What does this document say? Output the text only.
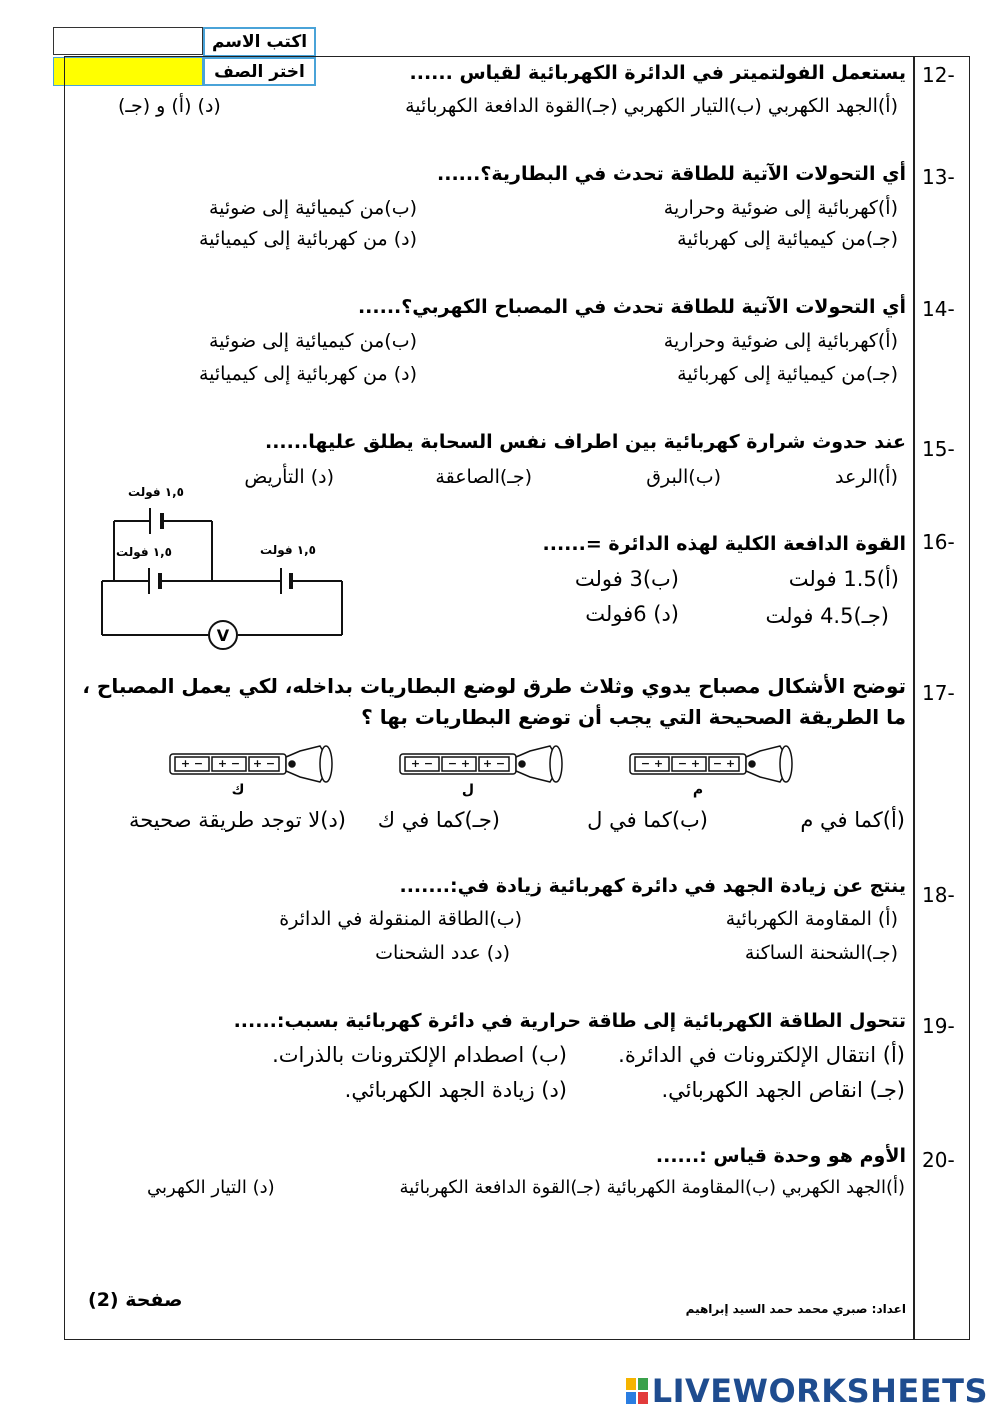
اكتب الاسم
اختر الصف	12-
يستعمل الفولتميتر في الدائرة الكهربائية لقياس ......
(أ)الجهد الكهربي (ب)التيار الكهربي (جـ)القوة الدافعة الكهربائية
(د) (أ) و (جـ)
13-
أي التحولات الآتية للطاقة تحدث في البطارية؟......
(أ)كهربائية إلى ضوئية وحرارية
(ب)من كيميائية إلى ضوئية
(جـ)من كيميائية إلى كهربائية
(د) من كهربائية إلى كيميائية
14-
أي التحولات الآتية للطاقة تحدث في المصباح الكهربي؟......
(أ)كهربائية إلى ضوئية وحرارية
(ب)من كيميائية إلى ضوئية
(جـ)من كيميائية إلى كهربائية
(د) من كهربائية إلى كيميائية
15-
عند حدوث شرارة كهربائية بين اطراف نفس السحابة يطلق عليها......
(أ)الرعد
(ب)البرق
(جـ)الصاعقة
(د) التأريض
16-
القوة الدافعة الكلية لهذه الدائرة =......
(أ)1.5 فولت
(ب)3 فولت
(جـ)4.5 فولت
(د) 6فولت
V
١,٥ فولت
١,٥ فولت	١,٥ فولت
17-
توضح الأشكال مصباح يدوي وثلاث طرق لوضع البطاريات بداخله، لكي يعمل المصباح ،
ما الطريقة الصحيحة التي يجب أن توضع البطاريات بها ؟
+ − + − + −	+ − − + + −	− + − + − +
ك	ل	م
(أ)كما في م
(ب)كما في ل
(جـ)كما في ك
(د)لا توجد طريقة صحيحة
18-
ينتج عن زيادة الجهد في دائرة كهربائية زيادة في:.......
(أ) المقاومة الكهربائية
(ب)الطاقة المنقولة في الدائرة
(جـ)الشحنة الساكنة
(د) عدد الشحنات
19-
تتحول الطاقة الكهربائية إلى طاقة حرارية في دائرة كهربائية بسبب:......
(أ) انتقال الإلكترونات في الدائرة.
(ب) اصطدام الإلكترونات بالذرات.
(جـ) انقاص الجهد الكهربائي.
(د) زيادة الجهد الكهربائي.
20-
الأوم هو وحدة قياس :......
(أ)الجهد الكهربي (ب)المقاومة الكهربائية (جـ)القوة الدافعة الكهربائية
(د) التيار الكهربي
صفحة (2)	اعداد: صبري محمد حمد السيد إبراهيم
LIVEWORKSHEETS
